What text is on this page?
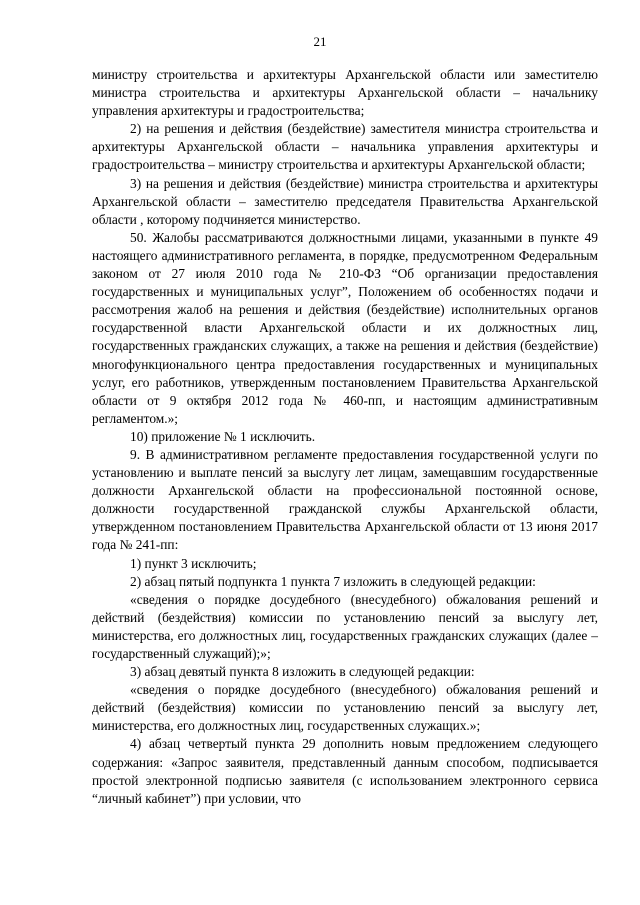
21

министру строительства и архитектуры Архангельской области или заместителю министра строительства и архитектуры Архангельской области – начальнику управления архитектуры и градостроительства;

2) на решения и действия (бездействие) заместителя министра строительства и архитектуры Архангельской области – начальника управления архитектуры и градостроительства – министру строительства и архитектуры Архангельской области;

3) на решения и действия (бездействие) министра строительства и архитектуры Архангельской области – заместителю председателя Правительства Архангельской области , которому подчиняется министерство.

50. Жалобы рассматриваются должностными лицами, указанными в пункте 49 настоящего административного регламента, в порядке, предусмотренном Федеральным законом от 27 июля 2010 года № 210-ФЗ “Об организации предоставления государственных и муниципальных услуг”, Положением об особенностях подачи и рассмотрения жалоб на решения и действия (бездействие) исполнительных органов государственной власти Архангельской области и их должностных лиц, государственных гражданских служащих, а также на решения и действия (бездействие) многофункционального центра предоставления государственных и муниципальных услуг, его работников, утвержденным постановлением Правительства Архангельской области от 9 октября 2012 года № 460-пп, и настоящим административным регламентом.»;

10) приложение № 1 исключить.

9. В административном регламенте предоставления государственной услуги по установлению и выплате пенсий за выслугу лет лицам, замещавшим государственные должности Архангельской области на профессиональной постоянной основе, должности государственной гражданской службы Архангельской области, утвержденном постановлением Правительства Архангельской области от 13 июня 2017 года № 241-пп:

1) пункт 3 исключить;

2) абзац пятый подпункта 1 пункта 7 изложить в следующей редакции:

«сведения о порядке досудебного (внесудебного) обжалования решений и действий (бездействия) комиссии по установлению пенсий за выслугу лет, министерства, его должностных лиц, государственных гражданских служащих (далее – государственный служащий);»;

3) абзац девятый пункта 8 изложить в следующей редакции:

«сведения о порядке досудебного (внесудебного) обжалования решений и действий (бездействия) комиссии по установлению пенсий за выслугу лет, министерства, его должностных лиц, государственных служащих.»;

4) абзац четвертый пункта 29 дополнить новым предложением следующего содержания: «Запрос заявителя, представленный данным способом, подписывается простой электронной подписью заявителя (с использованием электронного сервиса “личный кабинет”) при условии, что
